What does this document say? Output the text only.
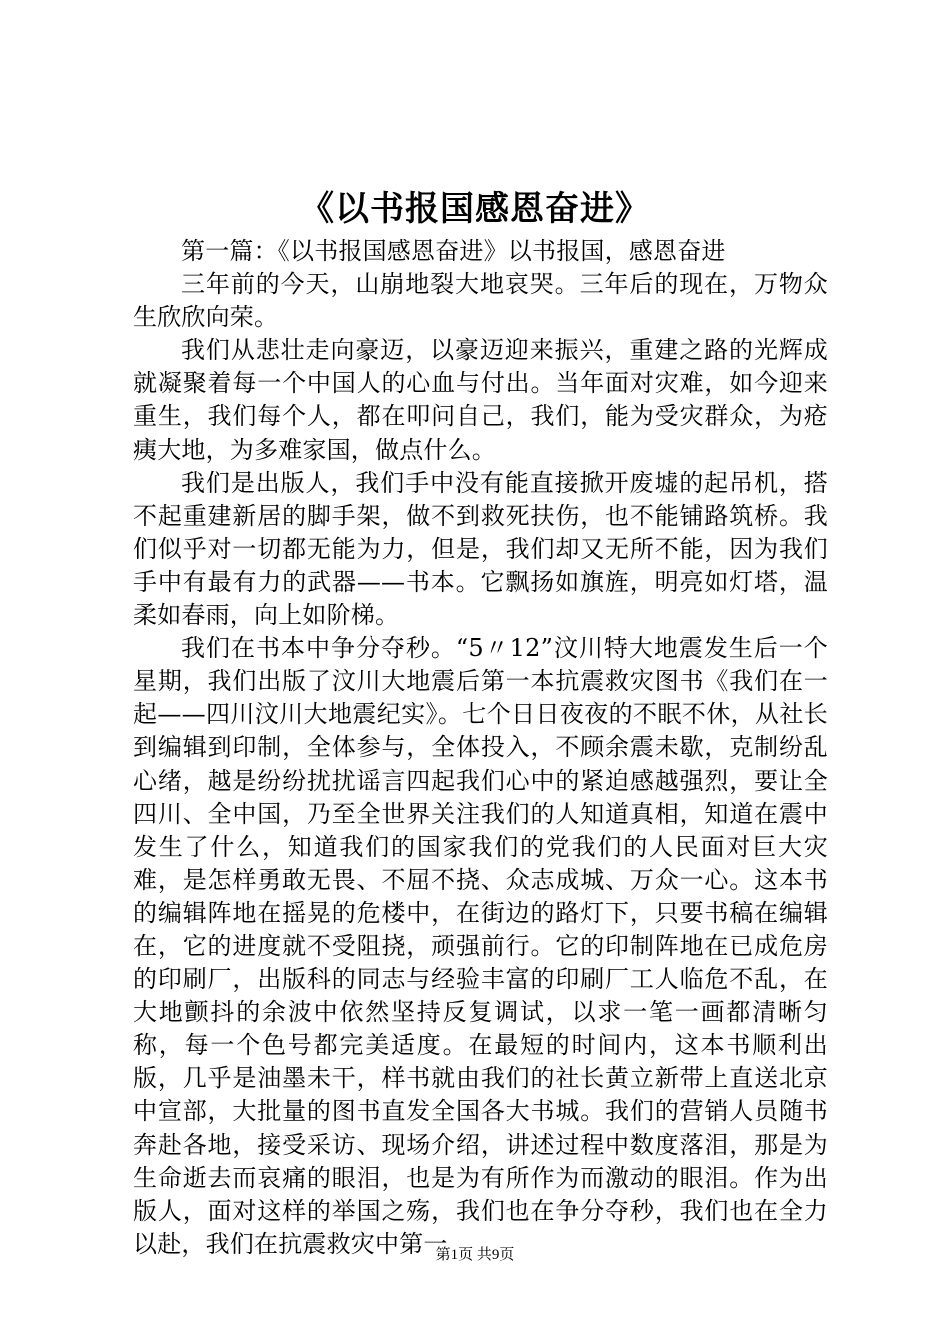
《以书报国感恩奋进》

第一篇：《以书报国感恩奋进》以书报国，感恩奋进

三年前的今天，山崩地裂大地哀哭。三年后的现在，万物众生欣欣向荣。

我们从悲壮走向豪迈，以豪迈迎来振兴，重建之路的光辉成就凝聚着每一个中国人的心血与付出。当年面对灾难，如今迎来重生，我们每个人，都在叩问自己，我们，能为受灾群众，为疮痍大地，为多难家国，做点什么。

我们是出版人，我们手中没有能直接掀开废墟的起吊机，搭不起重建新居的脚手架，做不到救死扶伤，也不能铺路筑桥。我们似乎对一切都无能为力，但是，我们却又无所不能，因为我们手中有最有力的武器——书本。它飘扬如旗旌，明亮如灯塔，温柔如春雨，向上如阶梯。

我们在书本中争分夺秒。“5〃12”汶川特大地震发生后一个星期，我们出版了汶川大地震后第一本抗震救灾图书《我们在一起——四川汶川大地震纪实》。七个日日夜夜的不眠不休，从社长到编辑到印制，全体参与，全体投入，不顾余震未歇，克制纷乱心绪，越是纷纷扰扰谣言四起我们心中的紧迫感越强烈，要让全四川、全中国，乃至全世界关注我们的人知道真相，知道在震中发生了什么，知道我们的国家我们的党我们的人民面对巨大灾难，是怎样勇敢无畏、不屈不挠、众志成城、万众一心。这本书的编辑阵地在摇晃的危楼中，在街边的路灯下，只要书稿在编辑在，它的进度就不受阻挠，顽强前行。它的印制阵地在已成危房的印刷厂，出版科的同志与经验丰富的印刷厂工人临危不乱，在大地颤抖的余波中依然坚持反复调试，以求一笔一画都清晰匀称，每一个色号都完美适度。在最短的时间内，这本书顺利出版，几乎是油墨未干，样书就由我们的社长黄立新带上直送北京中宣部，大批量的图书直发全国各大书城。我们的营销人员随书奔赴各地，接受采访、现场介绍，讲述过程中数度落泪，那是为生命逝去而哀痛的眼泪，也是为有所作为而激动的眼泪。作为出版人，面对这样的举国之殇，我们也在争分夺秒，我们也在全力以赴，我们在抗震救灾中第一

第1页 共9页
